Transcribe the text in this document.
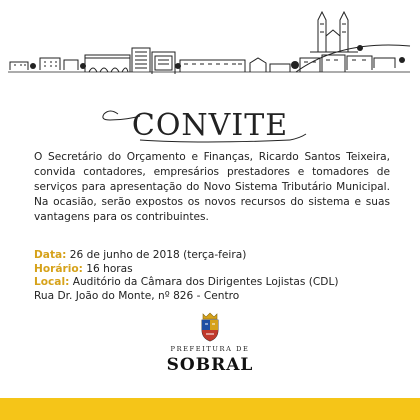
CONVITE
O Secretário do Orçamento e Finanças, Ricardo Santos Teixeira, convida contadores, empresários prestadores e tomadores de serviços para apresentação do Novo Sistema Tributário Municipal. Na ocasião, serão expostos os novos recursos do sistema e suas vantagens para os contribuintes.
Data: 26 de junho de 2018 (terça-feira)
Horário: 16 horas
Local: Auditório da Câmara dos Dirigentes Lojistas (CDL)
Rua Dr. João do Monte, nº 826 - Centro
PREFEITURA DE
SOBRAL
